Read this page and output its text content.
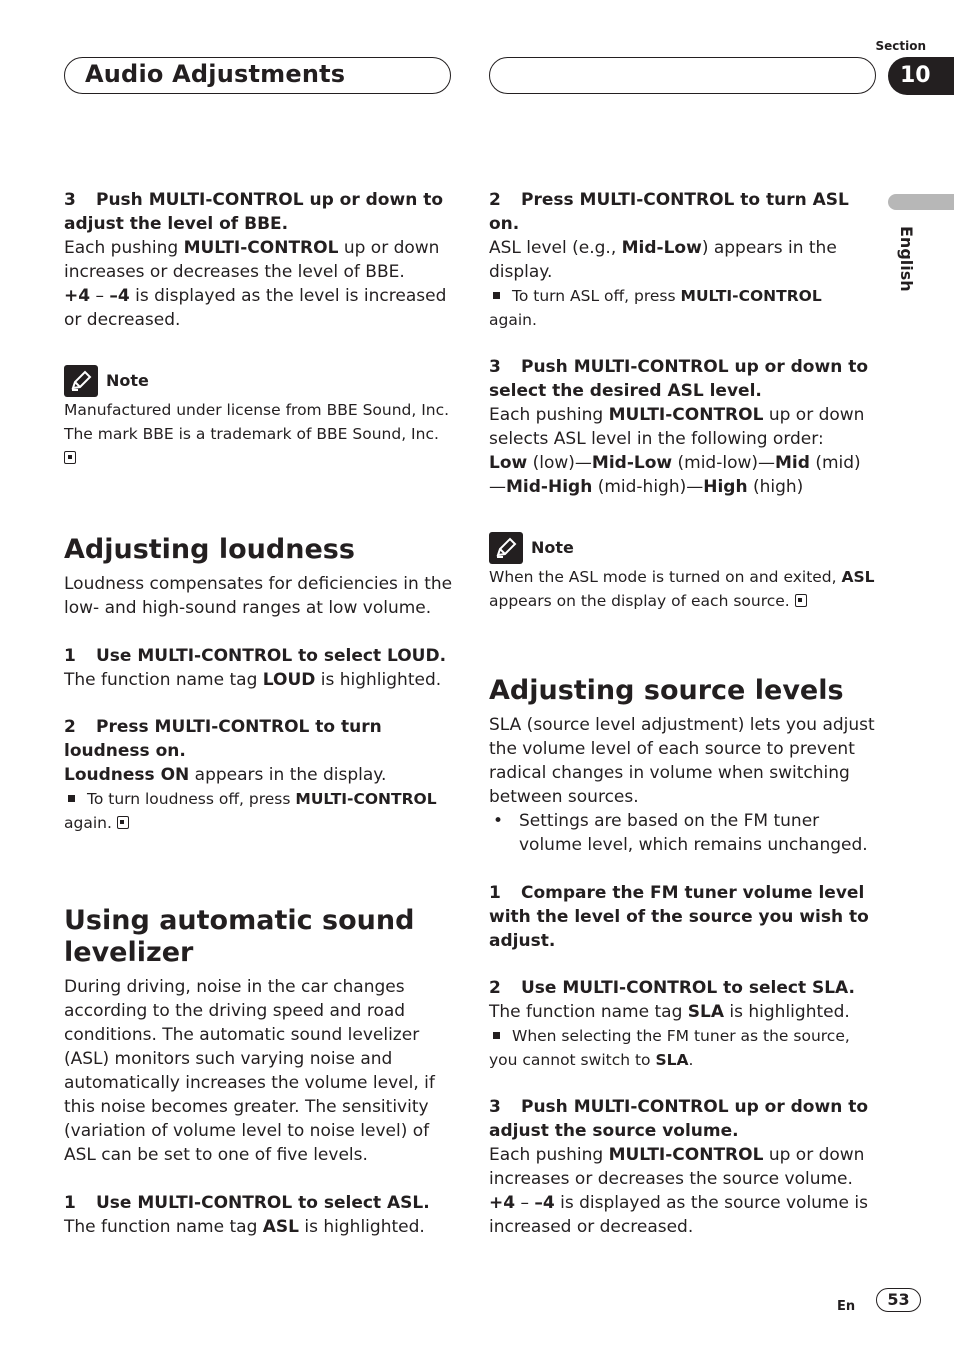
Audio Adjustments
Section
10
English

3 Push MULTI-CONTROL up or down to adjust the level of BBE.

Each pushing MULTI-CONTROL up or down increases or decreases the level of BBE.

+4 – –4 is displayed as the level is increased or decreased.

Note

Manufactured under license from BBE Sound, Inc. The mark BBE is a trademark of BBE Sound, Inc.

Adjusting loudness

Loudness compensates for deficiencies in the low- and high-sound ranges at low volume.

1 Use MULTI-CONTROL to select LOUD.

The function name tag LOUD is highlighted.

2 Press MULTI-CONTROL to turn loudness on.

Loudness ON appears in the display.

To turn loudness off, press MULTI-CONTROL
again.

Using automatic sound levelizer

During driving, noise in the car changes according to the driving speed and road conditions. The automatic sound levelizer (ASL) monitors such varying noise and automatically increases the volume level, if this noise becomes greater. The sensitivity (variation of volume level to noise level) of ASL can be set to one of five levels.

1 Use MULTI-CONTROL to select ASL.

The function name tag ASL is highlighted.

2 Press MULTI-CONTROL to turn ASL on.

ASL level (e.g., Mid-Low) appears in the display.

To turn ASL off, press MULTI-CONTROL
again.

3 Push MULTI-CONTROL up or down to select the desired ASL level.

Each pushing MULTI-CONTROL up or down selects ASL level in the following order:

Low (low)—Mid-Low (mid-low)—Mid (mid)
—Mid-High (mid-high)—High (high)

Note

When the ASL mode is turned on and exited, ASL
appears on the display of each source.

Adjusting source levels

SLA (source level adjustment) lets you adjust the volume level of each source to prevent radical changes in volume when switching between sources.

• Settings are based on the FM tuner volume level, which remains unchanged.

1 Compare the FM tuner volume level with the level of the source you wish to adjust.

2 Use MULTI-CONTROL to select SLA.

The function name tag SLA is highlighted.

When selecting the FM tuner as the source, you cannot switch to SLA.

3 Push MULTI-CONTROL up or down to adjust the source volume.

Each pushing MULTI-CONTROL up or down increases or decreases the source volume.

+4 – –4 is displayed as the source volume is increased or decreased.

En	53
